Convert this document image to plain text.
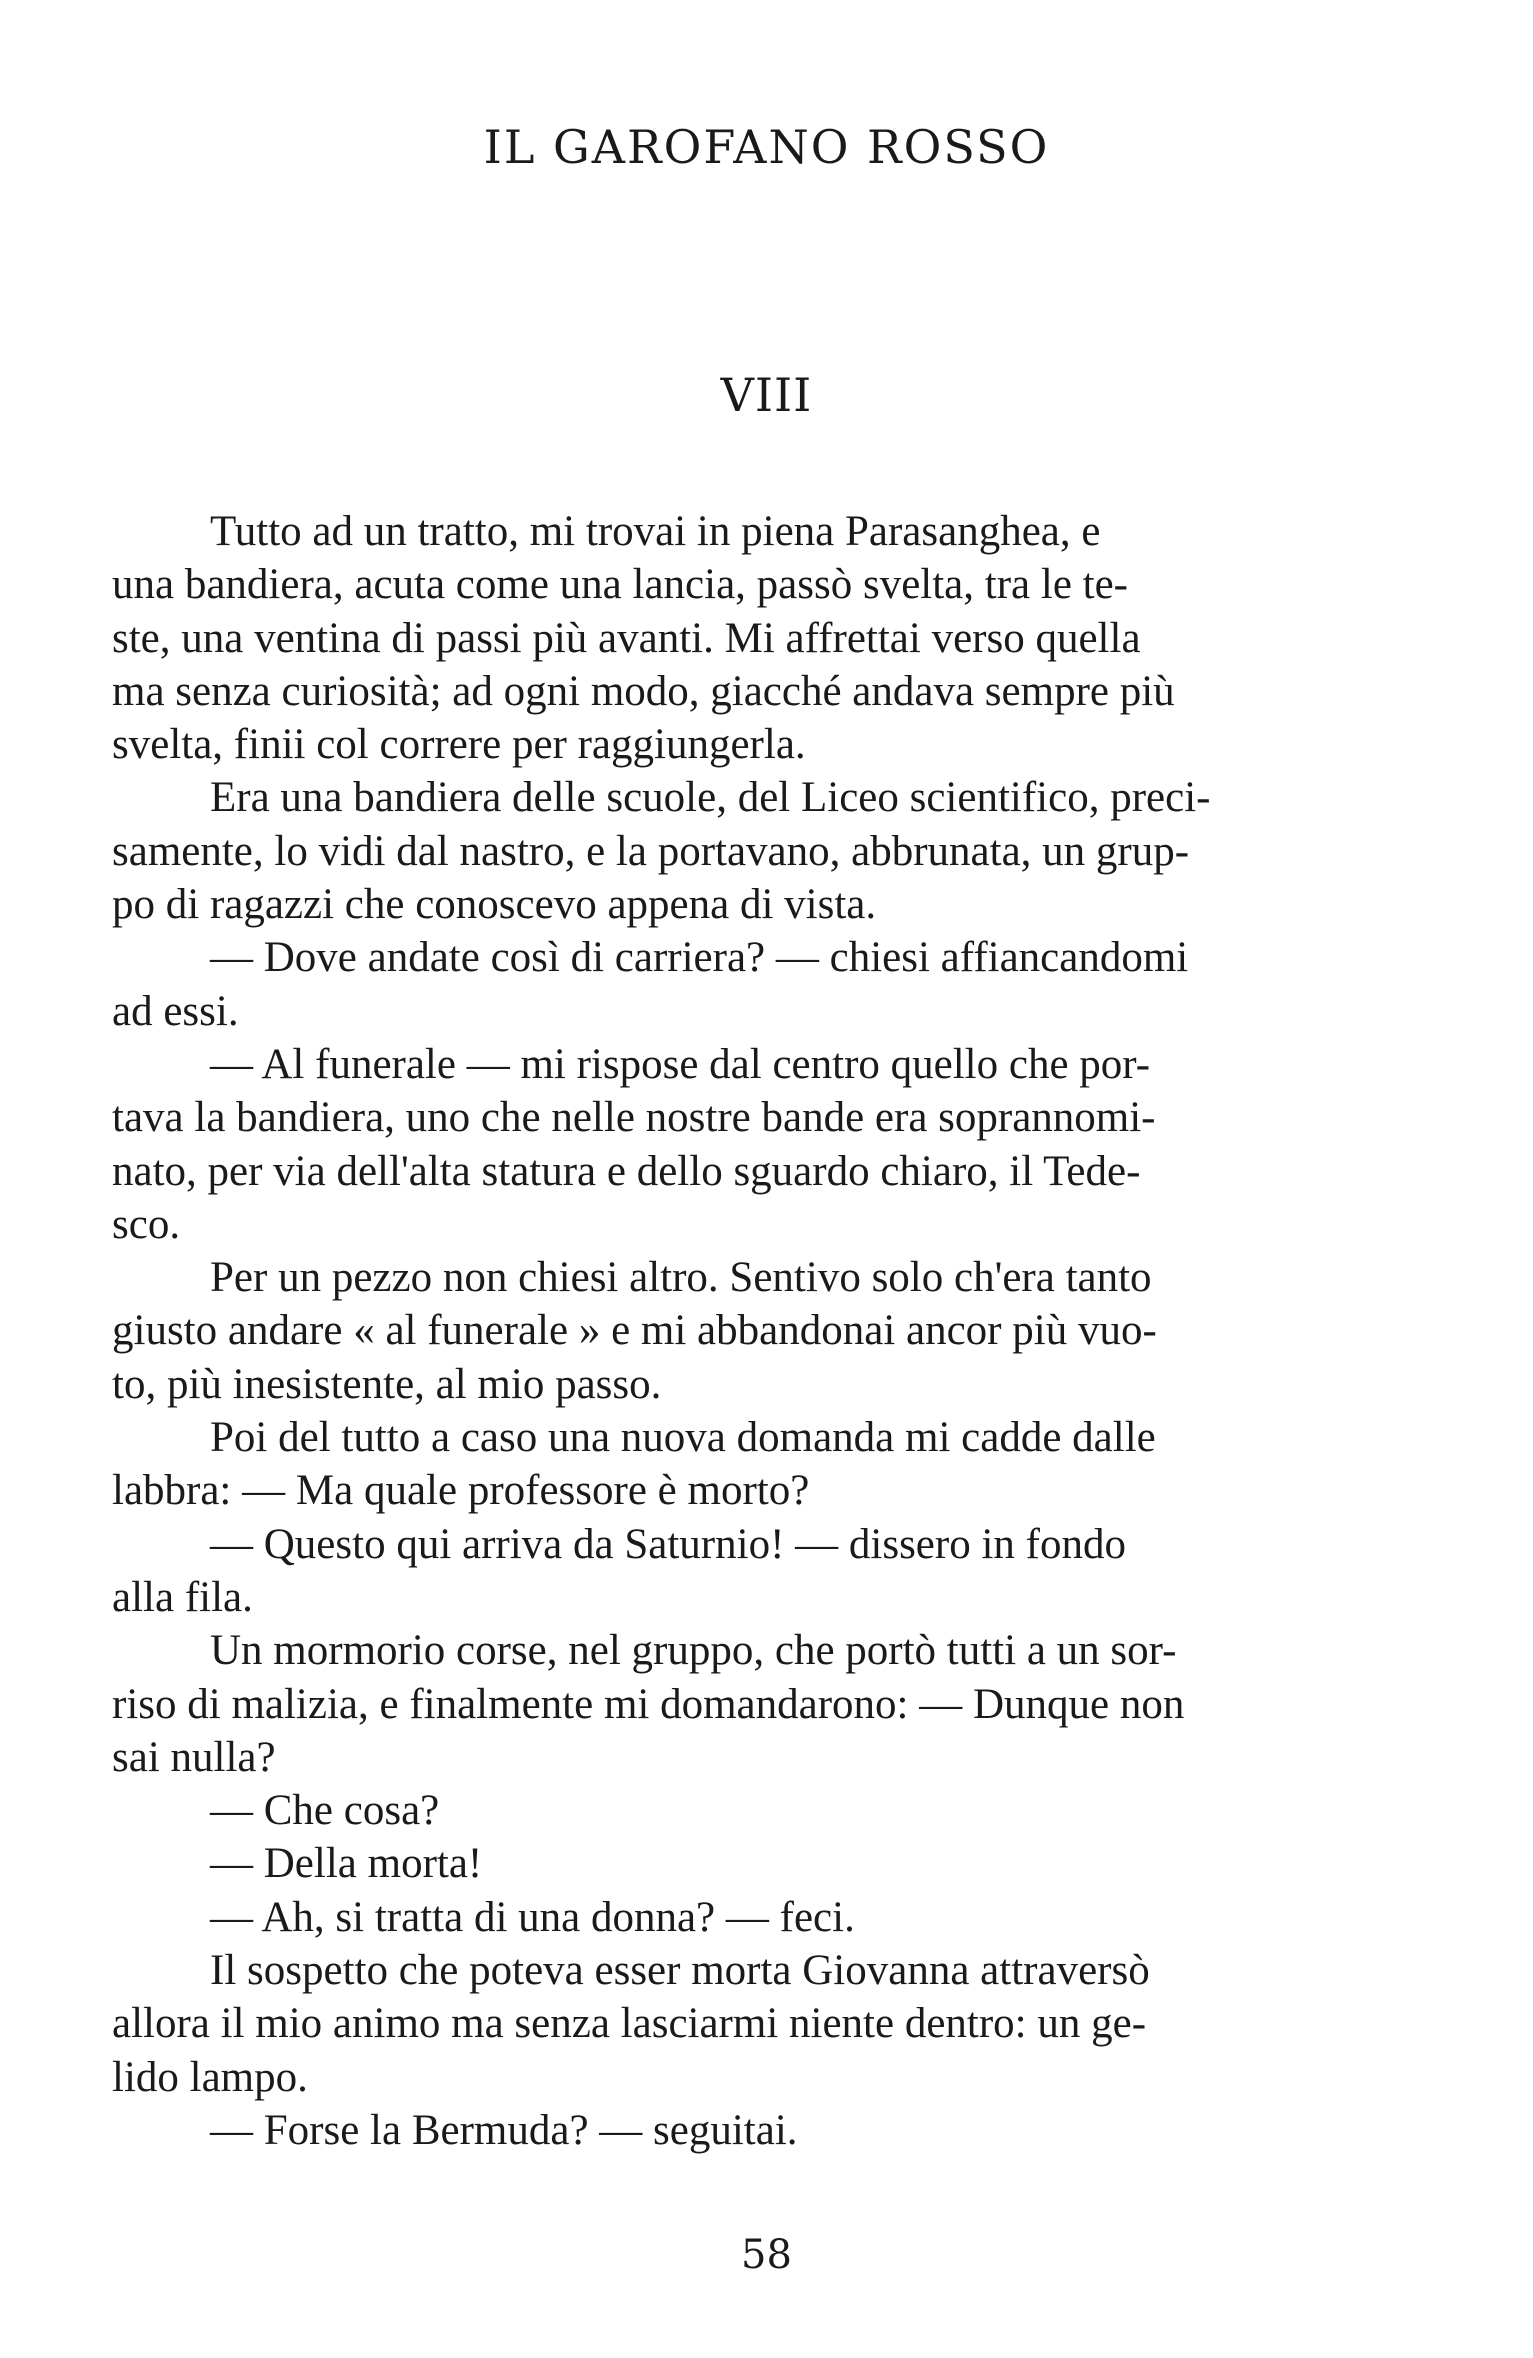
IL GAROFANO ROSSO
VIII

Tutto ad un tratto, mi trovai in piena Parasanghea, e
una bandiera, acuta come una lancia, passò svelta, tra le te-
ste, una ventina di passi più avanti. Mi affrettai verso quella
ma senza curiosità; ad ogni modo, giacché andava sempre più
svelta, finii col correre per raggiungerla.

Era una bandiera delle scuole, del Liceo scientifico, preci-
samente, lo vidi dal nastro, e la portavano, abbrunata, un grup-
po di ragazzi che conoscevo appena di vista.

— Dove andate così di carriera? — chiesi affiancandomi
ad essi.

— Al funerale — mi rispose dal centro quello che por-
tava la bandiera, uno che nelle nostre bande era soprannomi-
nato, per via dell'alta statura e dello sguardo chiaro, il Tede-
sco.

Per un pezzo non chiesi altro. Sentivo solo ch'era tanto
giusto andare « al funerale » e mi abbandonai ancor più vuo-
to, più inesistente, al mio passo.

Poi del tutto a caso una nuova domanda mi cadde dalle
labbra: — Ma quale professore è morto?

— Questo qui arriva da Saturnio! — dissero in fondo
alla fila.

Un mormorio corse, nel gruppo, che portò tutti a un sor-
riso di malizia, e finalmente mi domandarono: — Dunque non
sai nulla?

— Che cosa?

— Della morta!

— Ah, si tratta di una donna? — feci.

Il sospetto che poteva esser morta Giovanna attraversò
allora il mio animo ma senza lasciarmi niente dentro: un ge-
lido lampo.

— Forse la Bermuda? — seguitai.

58
